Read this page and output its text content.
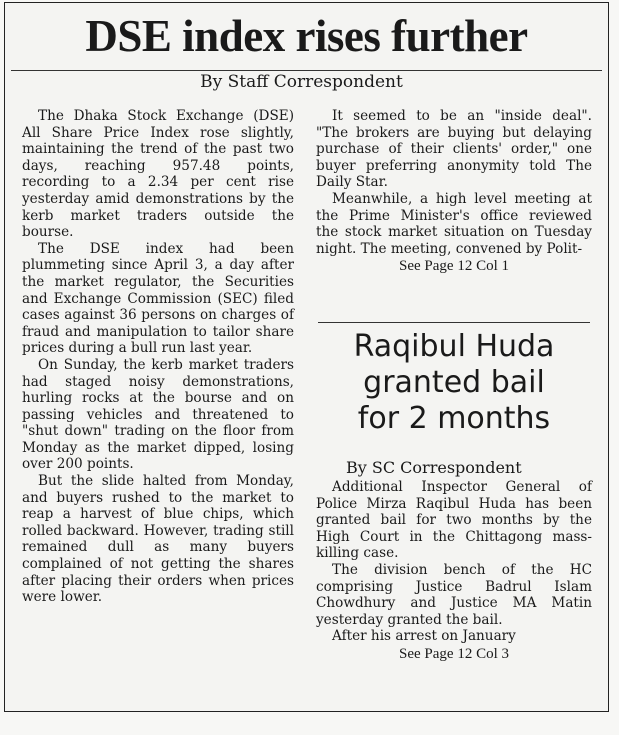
DSE index rises further
By Staff Correspondent

The Dhaka Stock Exchange (DSE) All Share Price Index rose slightly, maintaining the trend of the past two days, reaching 957.48 points, recording to a 2.34 per cent rise yesterday amid demonstrations by the kerb market traders outside the bourse.

The DSE index had been plummeting since April 3, a day after the market regulator, the Securities and Exchange Commission (SEC) filed cases against 36 persons on charges of fraud and manipulation to tailor share prices during a bull run last year.

On Sunday, the kerb market traders had staged noisy demonstrations, hurling rocks at the bourse and on passing vehicles and threatened to "shut down" trading on the floor from Monday as the market dipped, losing over 200 points.

But the slide halted from Monday, and buyers rushed to the market to reap a harvest of blue chips, which rolled backward. However, trading still remained dull as many buyers complained of not getting the shares after placing their orders when prices were lower.

It seemed to be an "inside deal". "The brokers are buying but delaying purchase of their clients' order," one buyer preferring anonymity told The Daily Star.

Meanwhile, a high level meeting at the Prime Minister's office reviewed the stock market situation on Tuesday night. The meeting, convened by Polit-

See Page 12 Col 1
Raqibul Huda
granted bail
for 2 months
By SC Correspondent

Additional Inspector General of Police Mirza Raqibul Huda has been granted bail for two months by the High Court in the Chittagong mass-killing case.

The division bench of the HC comprising Justice Badrul Islam Chowdhury and Justice MA Matin yesterday granted the bail.

After his arrest on January

See Page 12 Col 3
